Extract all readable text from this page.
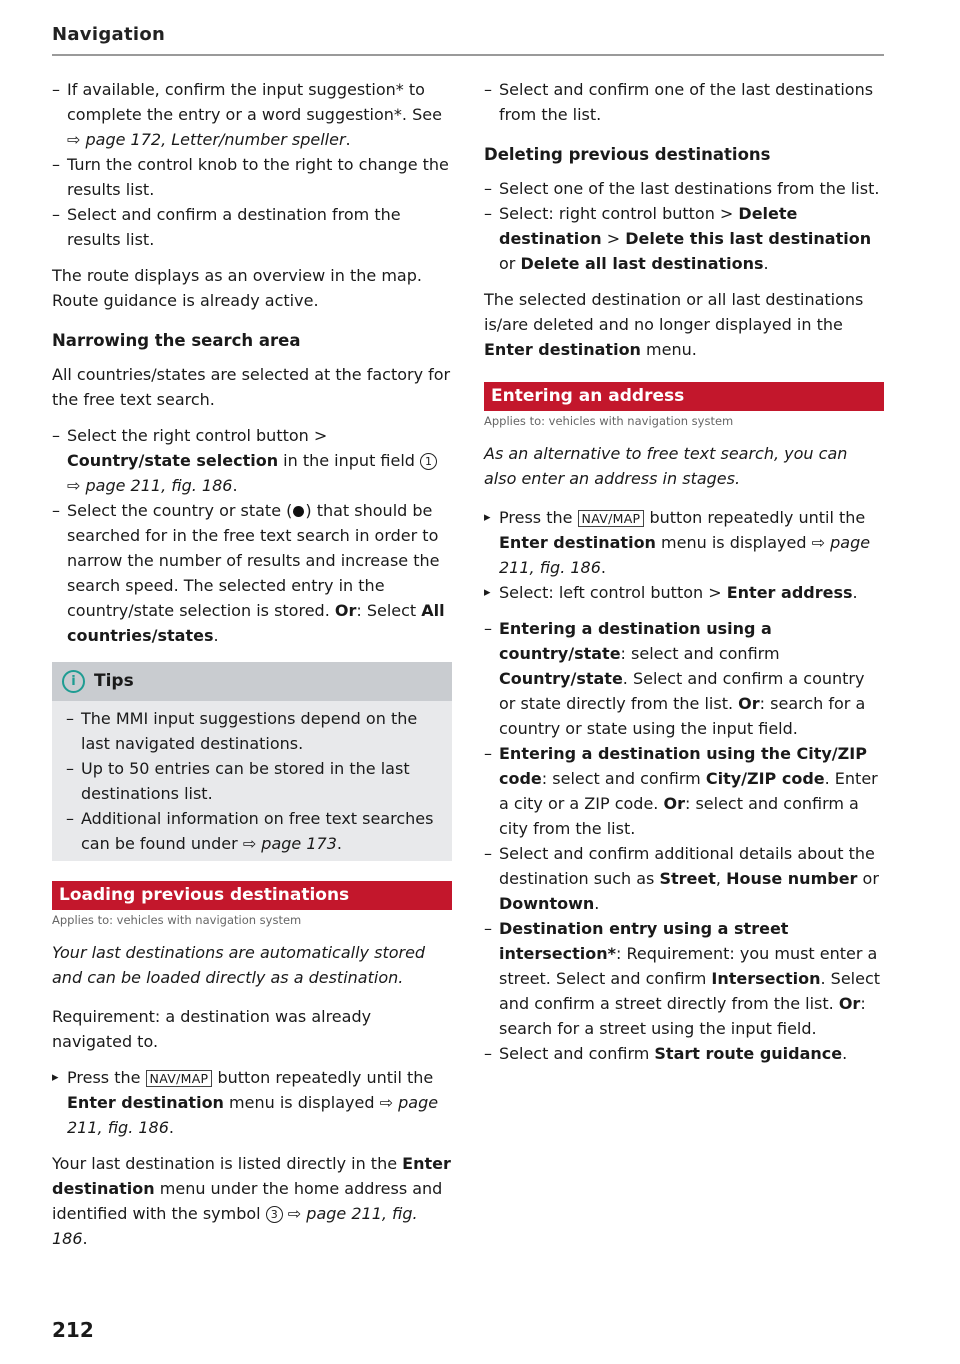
Navigation
– If available, confirm the input suggestion* to complete the entry or a word suggestion*. See ⇨ page 172, Letter/number speller.
– Turn the control knob to the right to change the results list.
– Select and confirm a destination from the results list.

The route displays as an overview in the map. Route guidance is already active.

Narrowing the search area

All countries/states are selected at the factory for the free text search.

– Select the right control button > Country/state selection in the input field 1 ⇨ page 211, fig. 186.
– Select the country or state ( ) that should be searched for in the free text search in order to narrow the number of results and increase the search speed. The selected entry in the country/state selection is stored. Or: Select All countries/states.
i Tips
– The MMI input suggestions depend on the last navigated destinations.
– Up to 50 entries can be stored in the last destinations list.
– Additional information on free text searches can be found under ⇨ page 173.
Loading previous destinations
Applies to: vehicles with navigation system

Your last destinations are automatically stored and can be loaded directly as a destination.

Requirement: a destination was already navigated to.

▸ Press the NAV/MAP button repeatedly until the Enter destination menu is displayed ⇨ page 211, fig. 186.

Your last destination is listed directly in the Enter destination menu under the home address and identified with the symbol 3 ⇨ page 211, fig. 186.

– Select and confirm one of the last destinations from the list.
Deleting previous destinations
– Select one of the last destinations from the list.
– Select: right control button > Delete destination > Delete this last destination or Delete all last destinations.

The selected destination or all last destinations is/are deleted and no longer displayed in the Enter destination menu.

Entering an address
Applies to: vehicles with navigation system

As an alternative to free text search, you can also enter an address in stages.

▸ Press the NAV/MAP button repeatedly until the Enter destination menu is displayed ⇨ page 211, fig. 186.
▸ Select: left control button > Enter address.
– Entering a destination using a country/state: select and confirm Country/state. Select and confirm a country or state directly from the list. Or: search for a country or state using the input field.
– Entering a destination using the City/ZIP code: select and confirm City/ZIP code. Enter a city or a ZIP code. Or: select and confirm a city from the list.
– Select and confirm additional details about the destination such as Street, House number or Downtown.
– Destination entry using a street intersection*: Requirement: you must enter a street. Select and confirm Intersection. Select and confirm a street directly from the list. Or: search for a street using the input field.
– Select and confirm Start route guidance.
212
